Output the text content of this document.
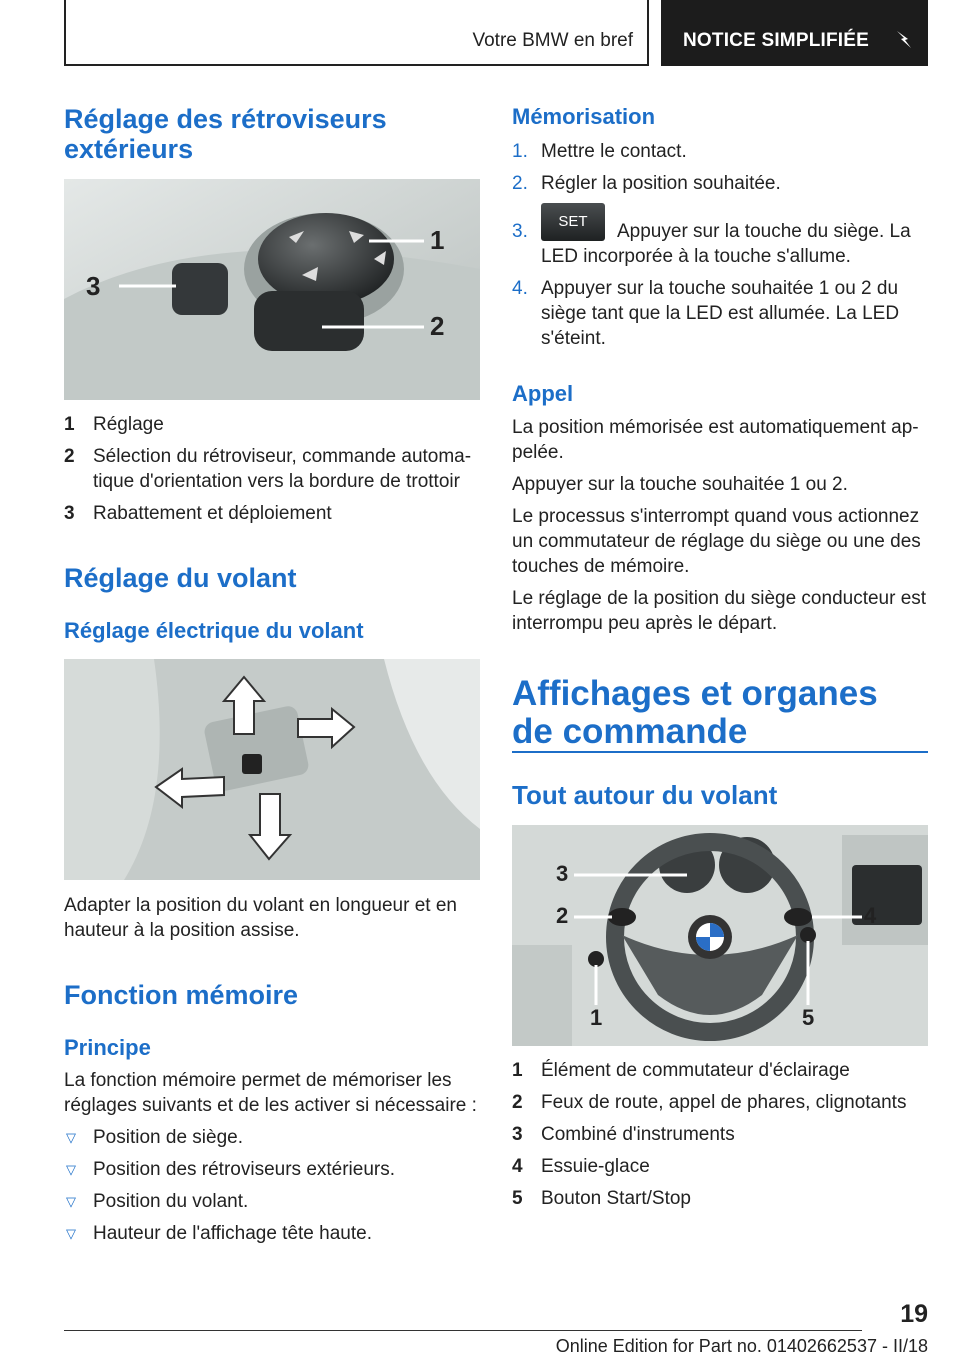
Votre BMW en bref	NOTICE SIMPLIFIÉE
Réglage des rétroviseurs extérieurs
3
1
2
1 Réglage
2 Sélection du rétroviseur, commande automa‐ tique d'orientation vers la bordure de trottoir
3 Rabattement et déploiement
Réglage du volant
Réglage électrique du volant

Adapter la position du volant en longueur et en hauteur à la position assise.

Fonction mémoire
Principe

La fonction mémoire permet de mémoriser les réglages suivants et de les activer si nécessaire :

▽ Position de siège.
▽ Position des rétroviseurs extérieurs.
▽ Position du volant.
▽ Hauteur de l'affichage tête haute.
Mémorisation
1. Mettre le contact.
2. Régler la position souhaitée.
3.	SET	Appuyer sur la touche du siège. La LED incorporée à la touche s'allume.
4. Appuyer sur la touche souhaitée 1 ou 2 du siège tant que la LED est allumée. La LED s'éteint.
Appel

La position mémorisée est automatiquement ap‐ pelée.

Appuyer sur la touche souhaitée 1 ou 2.

Le processus s'interrompt quand vous actionnez un commutateur de réglage du siège ou une des touches de mémoire.

Le réglage de la position du siège conducteur est interrompu peu après le départ.

Affichages et organes de commande
Tout autour du volant
3
2	4
1	5
1 Élément de commutateur d'éclairage
2 Feux de route, appel de phares, clignotants
3 Combiné d'instruments
4 Essuie-glace
5 Bouton Start/Stop
19
Online Edition for Part no. 01402662537 - II/18
